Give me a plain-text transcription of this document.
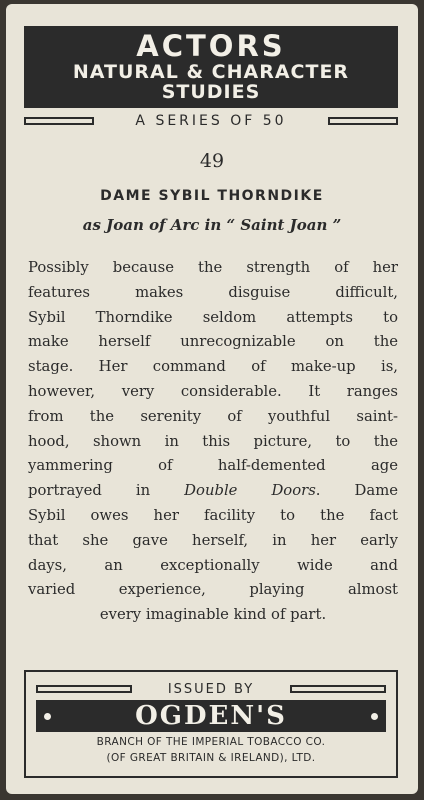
ACTORS
NATURAL & CHARACTER
STUDIES
A SERIES OF 50
49
DAME SYBIL THORNDIKE
as Joan of Arc in “ Saint Joan ”
Possibly because the strength of her
features makes disguise difficult,
Sybil Thorndike seldom attempts to
make herself unrecognizable on the
stage. Her command of make-up is,
however, very considerable. It ranges
from the serenity of youthful saint-
hood, shown in this picture, to the
yammering of half-demented age
portrayed in Double Doors. Dame
Sybil owes her facility to the fact
that she gave herself, in her early
days, an exceptionally wide and
varied experience, playing almost
every imaginable kind of part.
ISSUED BY
OGDEN'S
BRANCH OF THE IMPERIAL TOBACCO CO.
(OF GREAT BRITAIN & IRELAND), LTD.
